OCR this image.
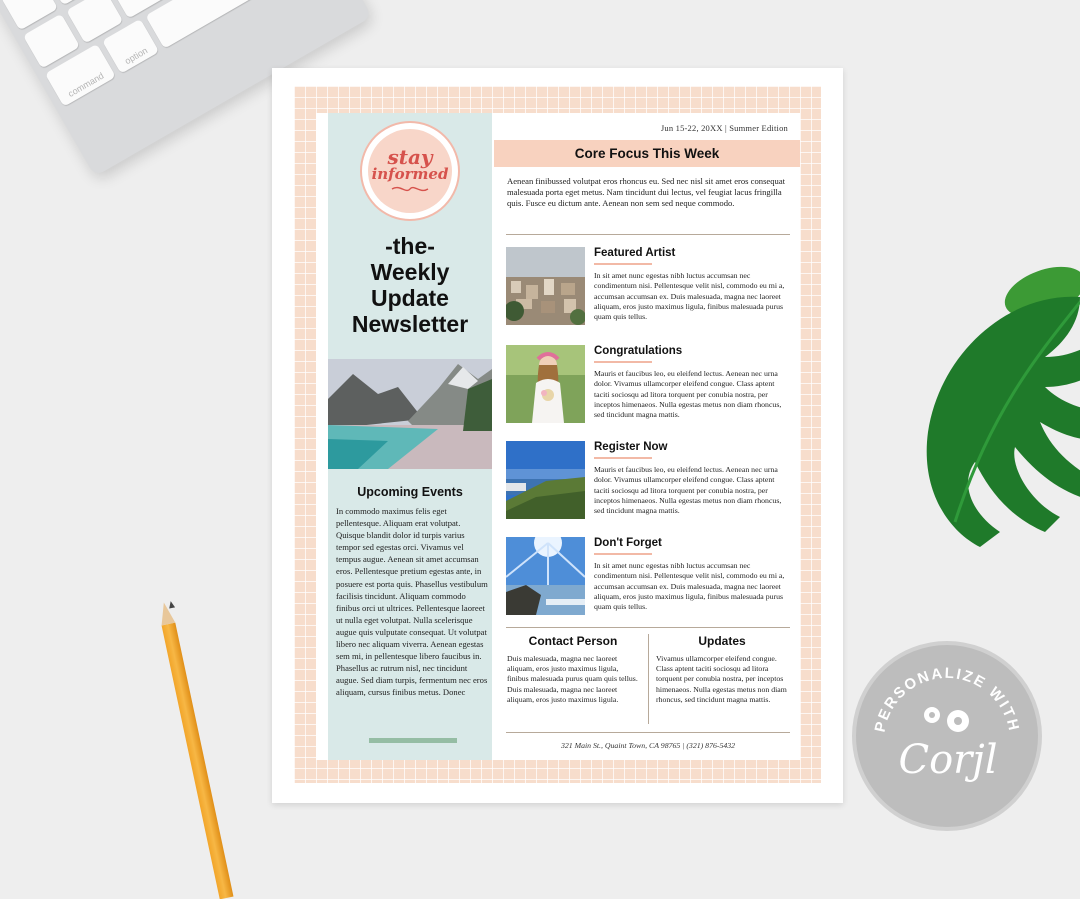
command
option
PERSONALIZE WITH
Corjl
stay
informed
-the-
Weekly
Update
Newsletter
Upcoming Events
In commodo maximus felis eget pellentesque. Aliquam erat volutpat. Quisque blandit dolor id turpis varius tempor sed egestas orci. Vivamus vel tempus augue. Aenean sit amet accumsan eros. Pellentesque pretium egestas ante, in posuere est porta quis. Phasellus vestibulum facilisis tincidunt. Aliquam commodo finibus orci ut ultrices. Pellentesque laoreet ut nulla eget volutpat. Nulla scelerisque augue quis vulputate consequat. Ut volutpat libero nec aliquam viverra. Aenean egestas sem mi, in pellentesque libero faucibus in. Phasellus ac rutrum nisl, nec tincidunt augue. Sed diam turpis, fermentum nec eros aliquam, cursus finibus metus. Donec
Jun 15-22, 20XX | Summer Edition
Core Focus This Week
Aenean finibussed volutpat eros rhoncus eu. Sed nec nisl sit amet eros consequat malesuada porta eget metus. Nam tincidunt dui lectus, vel feugiat lacus fringilla quis. Fusce eu dictum ante. Aenean non sem sed neque commodo.
Featured Artist
In sit amet nunc egestas nibh luctus accumsan nec condimentum nisi. Pellentesque velit nisl, commodo eu mi a, accumsan accumsan ex. Duis malesuada, magna nec laoreet aliquam, eros justo maximus ligula, finibus malesuada purus quam quis tellus.
Congratulations
Mauris et faucibus leo, eu eleifend lectus. Aenean nec urna dolor. Vivamus ullamcorper eleifend congue. Class aptent taciti sociosqu ad litora torquent per conubia nostra, per inceptos himenaeos. Nulla egestas metus non diam rhoncus, sed tincidunt magna mattis.
Register Now
Mauris et faucibus leo, eu eleifend lectus. Aenean nec urna dolor. Vivamus ullamcorper eleifend congue. Class aptent taciti sociosqu ad litora torquent per conubia nostra, per inceptos himenaeos. Nulla egestas metus non diam rhoncus, sed tincidunt magna mattis.
Don't Forget
In sit amet nunc egestas nibh luctus accumsan nec condimentum nisi. Pellentesque velit nisl, commodo eu mi a, accumsan accumsan ex. Duis malesuada, magna nec laoreet aliquam, eros justo maximus ligula, finibus malesuada purus quam quis tellus.
Contact Person
Duis malesuada, magna nec laoreet aliquam, eros justo maximus ligula, finibus malesuada purus quam quis tellus. Duis malesuada, magna nec laoreet aliquam, eros justo maximus ligula.
Updates
Vivamus ullamcorper eleifend congue. Class aptent taciti sociosqu ad litora torquent per conubia nostra, per inceptos himenaeos. Nulla egestas metus non diam rhoncus, sed tincidunt magna mattis.
321 Main St., Quaint Town, CA 98765 | (321) 876-5432
